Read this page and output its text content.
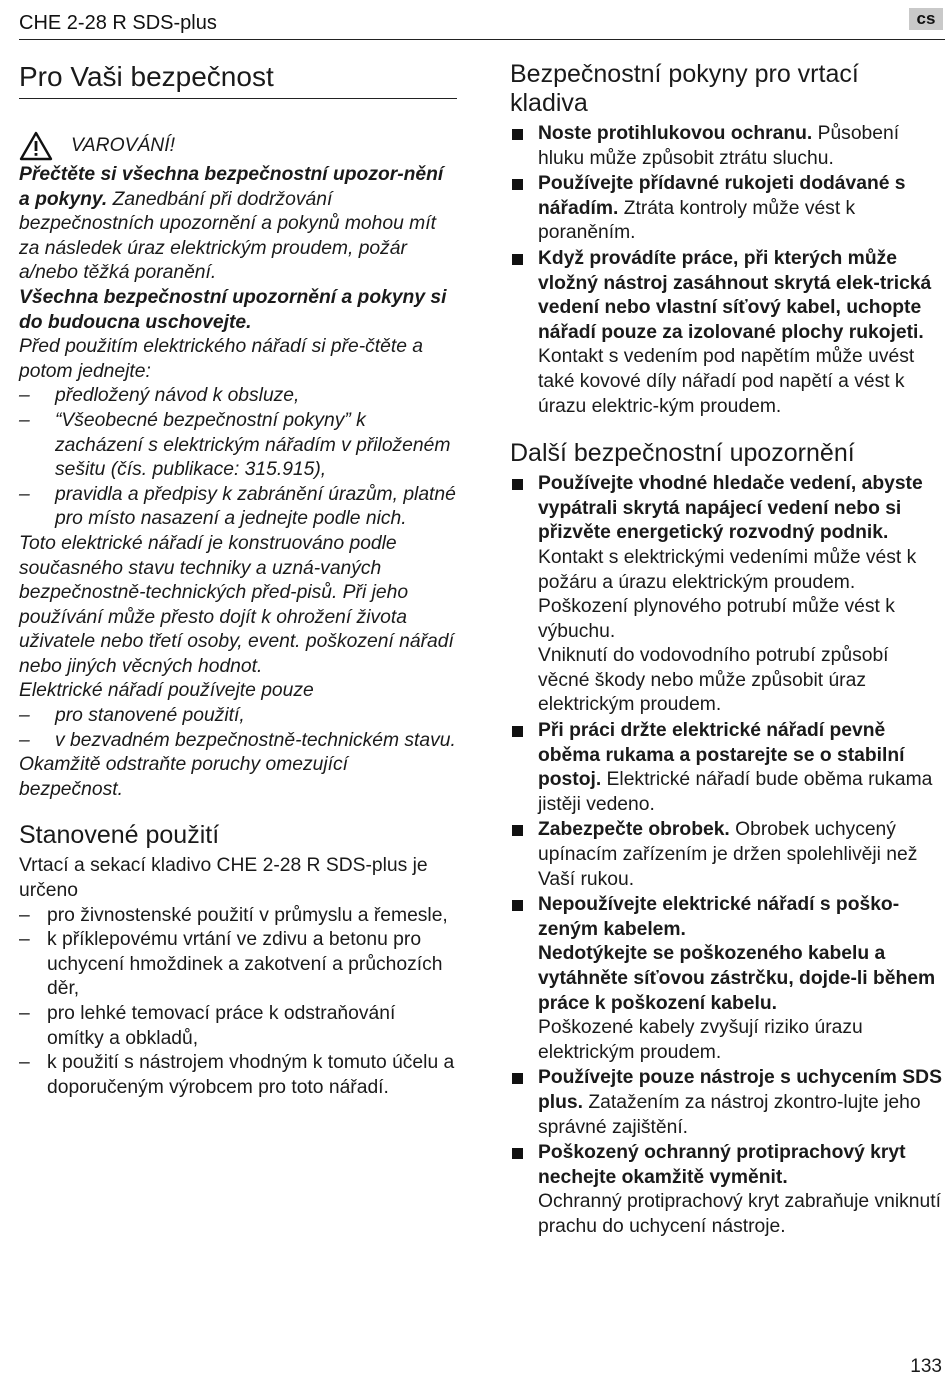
CHE 2-28 R SDS-plus	cs
Pro Vaši bezpečnost
VAROVÁNÍ!

Přečtěte si všechna bezpečnostní upozor-nění a pokyny. Zanedbání při dodržování bezpečnostních upozornění a pokynů mohou mít za následek úraz elektrickým proudem, požár a/nebo těžká poranění.

Všechna bezpečnostní upozornění a pokyny si do budoucna uschovejte.

Před použitím elektrického nářadí si pře-čtěte a potom jednejte:

– předložený návod k obsluze,
– “Všeobecné bezpečnostní pokyny” k zacházení s elektrickým nářadím v přiloženém sešitu (čís. publikace: 315.915),
– pravidla a předpisy k zabránění úrazům, platné pro místo nasazení a jednejte podle nich.

Toto elektrické nářadí je konstruováno podle současného stavu techniky a uzná-vaných bezpečnostně-technických před-pisů. Při jeho používání může přesto dojít k ohrožení života uživatele nebo třetí osoby, event. poškození nářadí nebo jiných věcných hodnot.

Elektrické nářadí používejte pouze

– pro stanovené použití,
– v bezvadném bezpečnostně-technickém stavu.

Okamžitě odstraňte poruchy omezující bezpečnost.

Stanovené použití

Vrtací a sekací kladivo CHE 2-28 R SDS-plus je určeno

– pro živnostenské použití v průmyslu a řemesle,
– k příklepovému vrtání ve zdivu a betonu pro uchycení hmoždinek a zakotvení a průchozích děr,
– pro lehké temovací práce k odstraňování omítky a obkladů,
– k použití s nástrojem vhodným k tomuto účelu a doporučeným výrobcem pro toto nářadí.
Bezpečnostní pokyny pro vrtací kladiva
Noste protihlukovou ochranu. Působení hluku může způsobit ztrátu sluchu.
Používejte přídavné rukojeti dodávané s nářadím. Ztráta kontroly může vést k poraněním.
Když provádíte práce, při kterých může vložný nástroj zasáhnout skrytá elek-trická vedení nebo vlastní síťový kabel, uchopte nářadí pouze za izolované plochy rukojeti. Kontakt s vedením pod napětím může uvést také kovové díly nářadí pod napětí a vést k úrazu elektric-kým proudem.
Další bezpečnostní upozornění
Používejte vhodné hledače vedení, abyste vypátrali skrytá napájecí vedení nebo si přizvěte energetický rozvodný podnik. Kontakt s elektrickými vedeními může vést k požáru a úrazu elektrickým proudem. Poškození plynového potrubí může vést k výbuchu.
Vniknutí do vodovodního potrubí způsobí věcné škody nebo může způsobit úraz elektrickým proudem.
Při práci držte elektrické nářadí pevně oběma rukama a postarejte se o stabilní postoj. Elektrické nářadí bude oběma rukama jistěji vedeno.
Zabezpečte obrobek. Obrobek uchycený upínacím zařízením je držen spolehlivěji než Vaší rukou.
Nepoužívejte elektrické nářadí s poško-zeným kabelem.
Nedotýkejte se poškozeného kabelu a vytáhněte síťovou zástrčku, dojde-li během práce k poškození kabelu.
Poškozené kabely zvyšují riziko úrazu elektrickým proudem.
Používejte pouze nástroje s uchycením SDS plus. Zatažením za nástroj zkontro-lujte jeho správné zajištění.
Poškozený ochranný protiprachový kryt nechejte okamžitě vyměnit.
Ochranný protiprachový kryt zabraňuje vniknutí prachu do uchycení nástroje.
133
